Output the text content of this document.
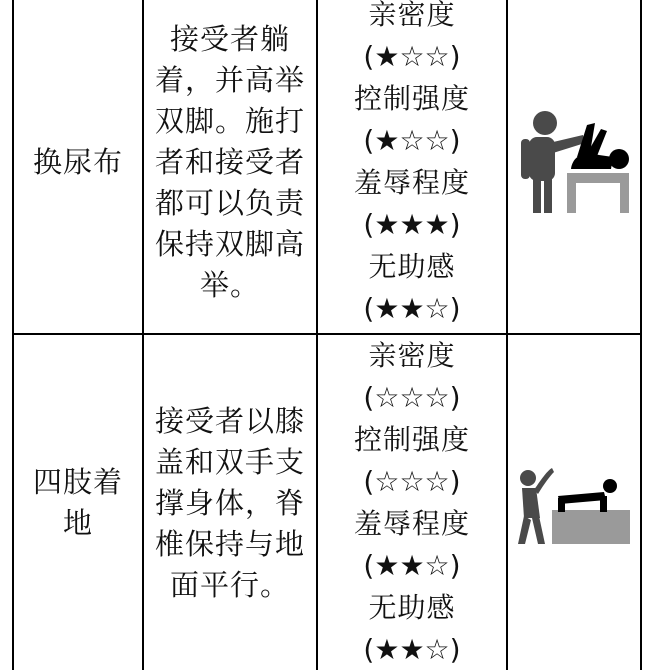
换尿布
接受者躺着，并高举双脚。施打者和接受者都可以负责保持双脚高举。
亲密度
(★☆☆)
控制强度
(★☆☆)
羞辱程度
(★★★)
无助感
(★★☆)
四肢着地
接受者以膝盖和双手支撑身体，脊椎保持与地面平行。
亲密度
(☆☆☆)
控制强度
(☆☆☆)
羞辱程度
(★★☆)
无助感
(★★☆)
